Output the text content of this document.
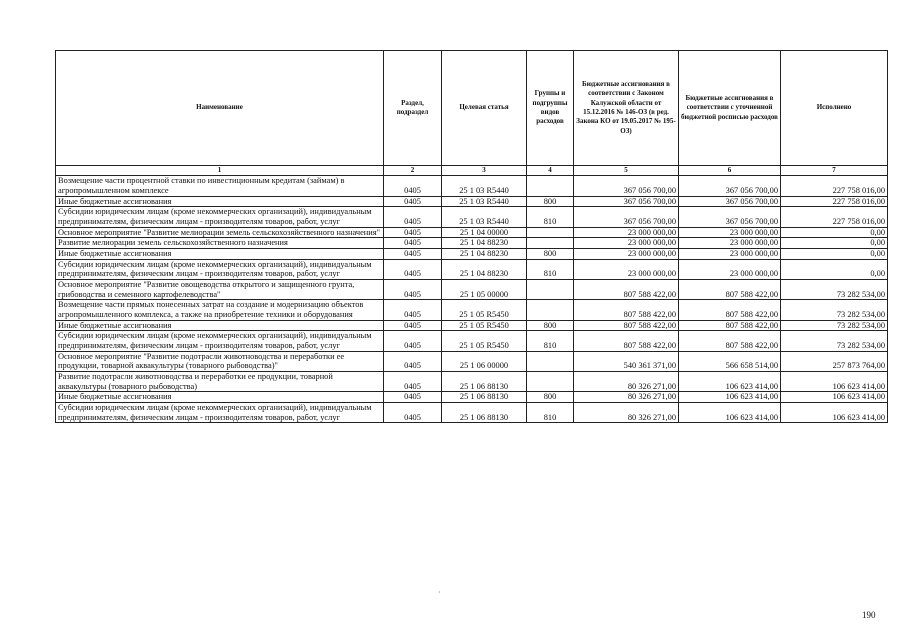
Наименование	Раздел, подраздел	Целевая статья	Группы и подгруппы видов расходов	Бюджетные ассигнования в соответствии с Законом Калужской области от 15.12.2016 № 146-ОЗ (в ред. Закона КО от 19.05.2017 № 195-ОЗ)	Бюджетные ассигнования в соответствии с уточненной бюджетной росписью расходов	Исполнено
1	2	3	4	5	6	7
Возмещение части процентной ставки по инвестиционным кредитам (займам) в агропромышленном комплексе	0405	25 1 03 R5440		367 056 700,00	367 056 700,00	227 758 016,00
Иные бюджетные ассигнования	0405	25 1 03 R5440	800	367 056 700,00	367 056 700,00	227 758 016,00
Субсидии юридическим лицам (кроме некоммерческих организаций), индивидуальным предпринимателям, физическим лицам - производителям товаров, работ, услуг	0405	25 1 03 R5440	810	367 056 700,00	367 056 700,00	227 758 016,00
Основное мероприятие "Развитие мелиорации земель сельскохозяйственного назначения"	0405	25 1 04 00000		23 000 000,00	23 000 000,00	0,00
Развитие мелиорации земель сельскохозяйственного назначения	0405	25 1 04 88230		23 000 000,00	23 000 000,00	0,00
Иные бюджетные ассигнования	0405	25 1 04 88230	800	23 000 000,00	23 000 000,00	0,00
Субсидии юридическим лицам (кроме некоммерческих организаций), индивидуальным предпринимателям, физическим лицам - производителям товаров, работ, услуг	0405	25 1 04 88230	810	23 000 000,00	23 000 000,00	0,00
Основное мероприятие "Развитие овощеводства открытого и защищенного грунта, грибоводства и семенного картофелеводства"	0405	25 1 05 00000		807 588 422,00	807 588 422,00	73 282 534,00
Возмещение части прямых понесенных затрат на создание и модернизацию объектов агропромышленного комплекса, а также на приобретение техники и оборудования	0405	25 1 05 R5450		807 588 422,00	807 588 422,00	73 282 534,00
Иные бюджетные ассигнования	0405	25 1 05 R5450	800	807 588 422,00	807 588 422,00	73 282 534,00
Субсидии юридическим лицам (кроме некоммерческих организаций), индивидуальным предпринимателям, физическим лицам - производителям товаров, работ, услуг	0405	25 1 05 R5450	810	807 588 422,00	807 588 422,00	73 282 534,00
Основное мероприятие "Развитие подотрасли животноводства и переработки ее продукции, товарной аквакультуры (товарного рыбоводства)"	0405	25 1 06 00000		540 361 371,00	566 658 514,00	257 873 764,00
Развитие подотрасли животноводства и переработки ее продукции, товарной аквакультуры (товарного рыбоводства)	0405	25 1 06 88130		80 326 271,00	106 623 414,00	106 623 414,00
Иные бюджетные ассигнования	0405	25 1 06 88130	800	80 326 271,00	106 623 414,00	106 623 414,00
Субсидии юридическим лицам (кроме некоммерческих организаций), индивидуальным предпринимателям, физическим лицам - производителям товаров, работ, услуг	0405	25 1 06 88130	810	80 326 271,00	106 623 414,00	106 623 414,00
190
·
